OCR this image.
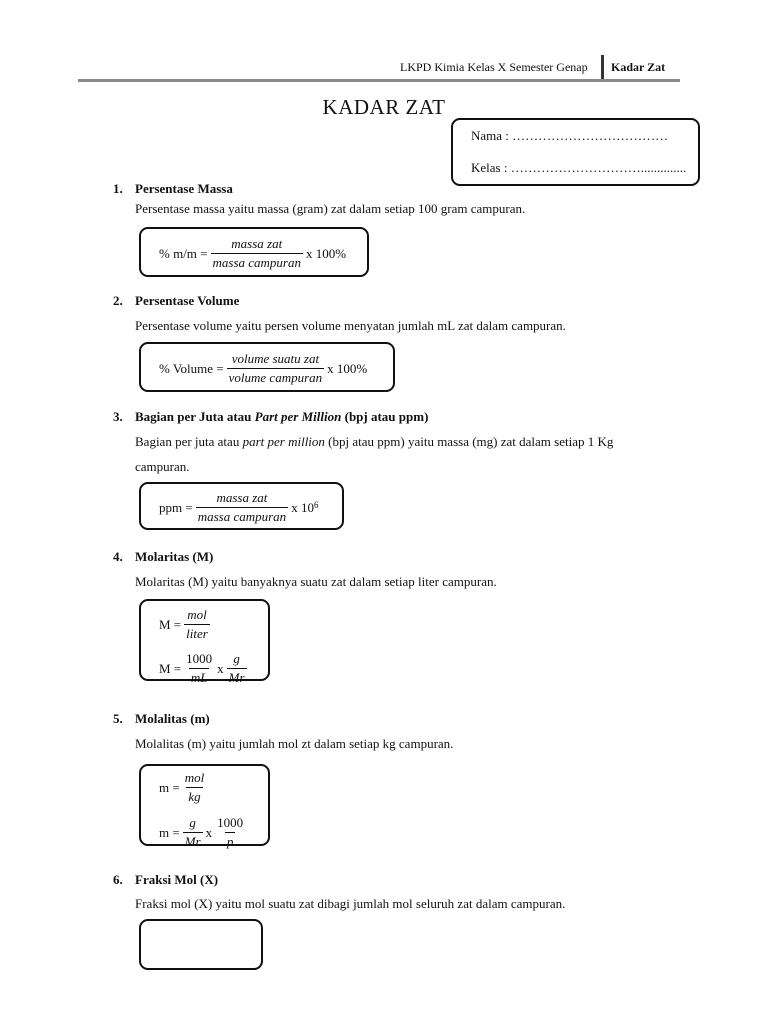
LKPD Kimia Kelas X Semester Genap Kadar Zat
KADAR ZAT
Nama : ………………………………
Kelas : …………………………..............
1. Persentase Massa
Persentase massa yaitu massa (gram) zat dalam setiap 100 gram campuran.
% $m/m = \frac{\text{massa zat}}{\text{massa campuran}}$ x 100%
2. Persentase Volume
Persentase volume yaitu persen volume menyatan jumlah mL zat dalam campuran.
% Volume = $\frac{\text{volume suatu zat}}{\text{volume campuran}}$ x 100%
3. Bagian per Juta atau Part per Million (bpj atau ppm)
Bagian per juta atau part per million (bpj atau ppm) yaitu massa (mg) zat dalam setiap 1 Kg
campuran.
ppm = $\frac{\text{massa zat}}{\text{massa campuran}}$ x $10^6$
4. Molaritas (M)
Molaritas (M) yaitu banyaknya suatu zat dalam setiap liter campuran.
$M = \frac{\text{mol}}{\text{liter}}$
$M = \frac{1000}{mL}$ x $\frac{g}{Mr}$
5. Molalitas (m)
Molalitas (m) yaitu jumlah mol zt dalam setiap kg campuran.
$m = \frac{\text{mol}}{kg}$
$m = \frac{g}{Mr}$ x $\frac{1000}{p}$
6. Fraksi Mol (X)
Fraksi mol (X) yaitu mol suatu zat dibagi jumlah mol seluruh zat dalam campuran.
